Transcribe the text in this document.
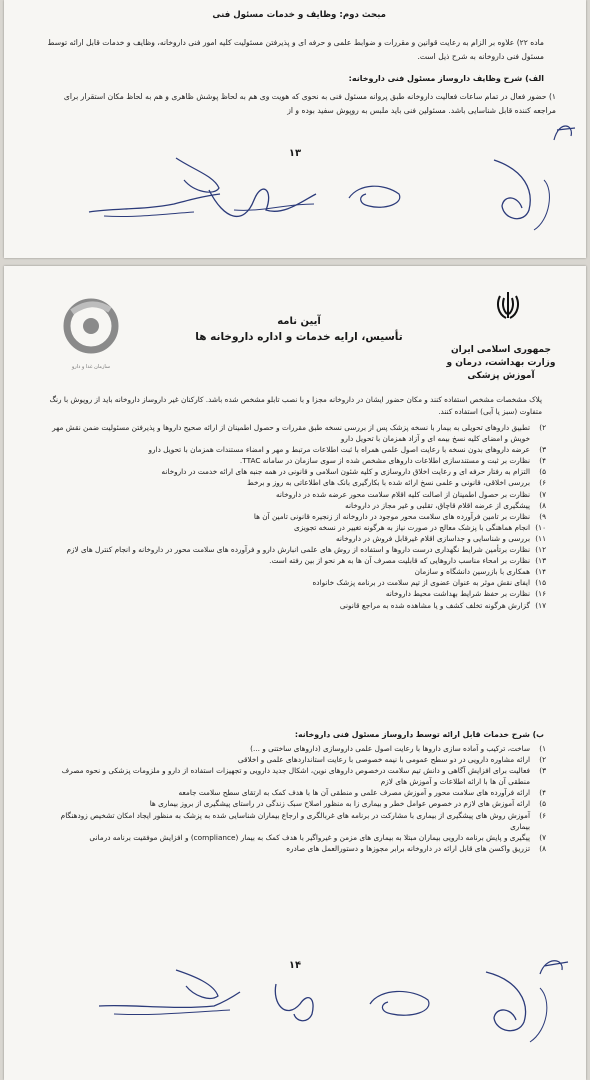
مبحث دوم: وظایف و خدمات مسئول فنی
ماده ۲۲) علاوه بر الزام به رعایت قوانین و مقررات و ضوابط علمی و حرفه ای و پذیرفتن مسئولیت کلیه امور فنی داروخانه، وظایف و خدمات قابل ارائه توسط مسئول فنی داروخانه به شرح ذیل است.
الف) شرح وظایف داروساز مسئول فنی داروخانه:
۱) حضور فعال در تمام ساعات فعالیت داروخانه طبق پروانه مسئول فنی به نحوی که هویت وی هم به لحاظ پوشش ظاهری و هم به لحاظ مکان استقرار برای مراجعه کننده قابل شناسایی باشد. مسئولین فنی باید ملبس به روپوش سفید بوده و از
۱۳
سازمان غذا و دارو
آیین نامه
تأسیس، ارایه خدمات و اداره داروخانه ها
جمهوری اسلامی ایران وزارت بهداشت، درمان و آموزش پزشکی
پلاک مشخصات مشخص استفاده کنند و مکان حضور ایشان در داروخانه مجزا و با نصب تابلو مشخص شده باشد. کارکنان غیر داروساز داروخانه باید از روپوش با رنگ متفاوت (سبز یا آبی) استفاده کنند.
۲)
تطبیق داروهای تحویلی به بیمار با نسخه پزشک پس از بررسی نسخه طبق مقررات و حصول اطمینان از ارائه صحیح داروها و پذیرفتن مسئولیت ضمن نقش مهر خویش و امضای کلیه نسخ بیمه ای و آزاد همزمان با تحویل دارو
۳)
عرضه داروهای بدون نسخه با رعایت اصول علمی همراه با ثبت اطلاعات مرتبط و مهر و امضاء مستندات همزمان با تحویل دارو
۴)
نظارت بر ثبت و مستندسازی اطلاعات داروهای مشخص شده از سوی سازمان در سامانه TTAC.
۵)
التزام به رفتار حرفه ای و رعایت اخلاق داروسازی و کلیه شئون اسلامی و قانونی در همه جنبه های ارائه خدمت در داروخانه
۶)
بررسی اخلاقی، قانونی و علمی نسخ ارائه شده با بکارگیری بانک های اطلاعاتی به روز و برخط
۷)
نظارت بر حصول اطمینان از اصالت کلیه اقلام سلامت محور عرضه شده در داروخانه
۸)
پیشگیری از عرضه اقلام قاچاق، تقلبی و غیر مجاز در داروخانه
۹)
نظارت بر تامین فرآورده های سلامت محور موجود در داروخانه از زنجیره قانونی تامین آن ها
۱۰)
انجام هماهنگی با پزشک معالج در صورت نیاز به هرگونه تغییر در نسخه تجویزی
۱۱)
بررسی و شناسایی و جداسازی اقلام غیرقابل فروش در داروخانه
۱۲)
نظارت برتأمین شرایط نگهداری درست داروها و استفاده از روش های علمی انبارش دارو و فرآورده های سلامت محور در داروخانه و انجام کنترل های لازم
۱۳)
نظارت بر امحاء مناسب داروهایی که قابلیت مصرف آن ها به هر نحو از بین رفته است.
۱۴)
همکاری با بازرسین دانشگاه و سازمان
۱۵)
ایفای نقش موثر به عنوان عضوی از تیم سلامت در برنامه پزشک خانواده
۱۶)
نظارت بر حفظ شرایط بهداشت محیط داروخانه
۱۷)
گزارش هرگونه تخلف کشف و یا مشاهده شده به مراجع قانونی
ب) شرح خدمات قابل ارائه توسط داروساز مسئول فنی داروخانه:
۱)
ساخت، ترکیب و آماده سازی داروها با رعایت اصول علمی داروسازی (داروهای ساختنی و ...)
۲)
ارائه مشاوره دارویی در دو سطح عمومی با نیمه خصوصی با رعایت استانداردهای علمی و اخلاقی
۳)
فعالیت برای افزایش آگاهی و دانش تیم سلامت درخصوص داروهای نوین، اشکال جدید دارویی و تجهیزات استفاده از دارو و ملزومات پزشکی و نحوه مصرف منطقی آن ها با ارائه اطلاعات و آموزش های لازم
۴)
ارائه فرآورده های سلامت محور و آموزش مصرف علمی و منطقی آن ها با هدف کمک به ارتقای سطح سلامت جامعه
۵)
ارائه آموزش های لازم در خصوص عوامل خطر و بیماری زا به منظور اصلاح سبک زندگی در راستای پیشگیری از بروز بیماری ها
۶)
آموزش روش های پیشگیری از بیماری با مشارکت در برنامه های غربالگری و ارجاع بیماران شناسایی شده به پزشک به منظور ایجاد امکان تشخیص زودهنگام بیماری
۷)
پیگیری و پایش برنامه دارویی بیماران مبتلا به بیماری های مزمن و غیرواگیر با هدف کمک به بیمار (compliance) و افزایش موفقیت برنامه درمانی
۸)
تزریق واکسن های قابل ارائه در داروخانه برابر مجوزها و دستورالعمل های صادره
۱۴
